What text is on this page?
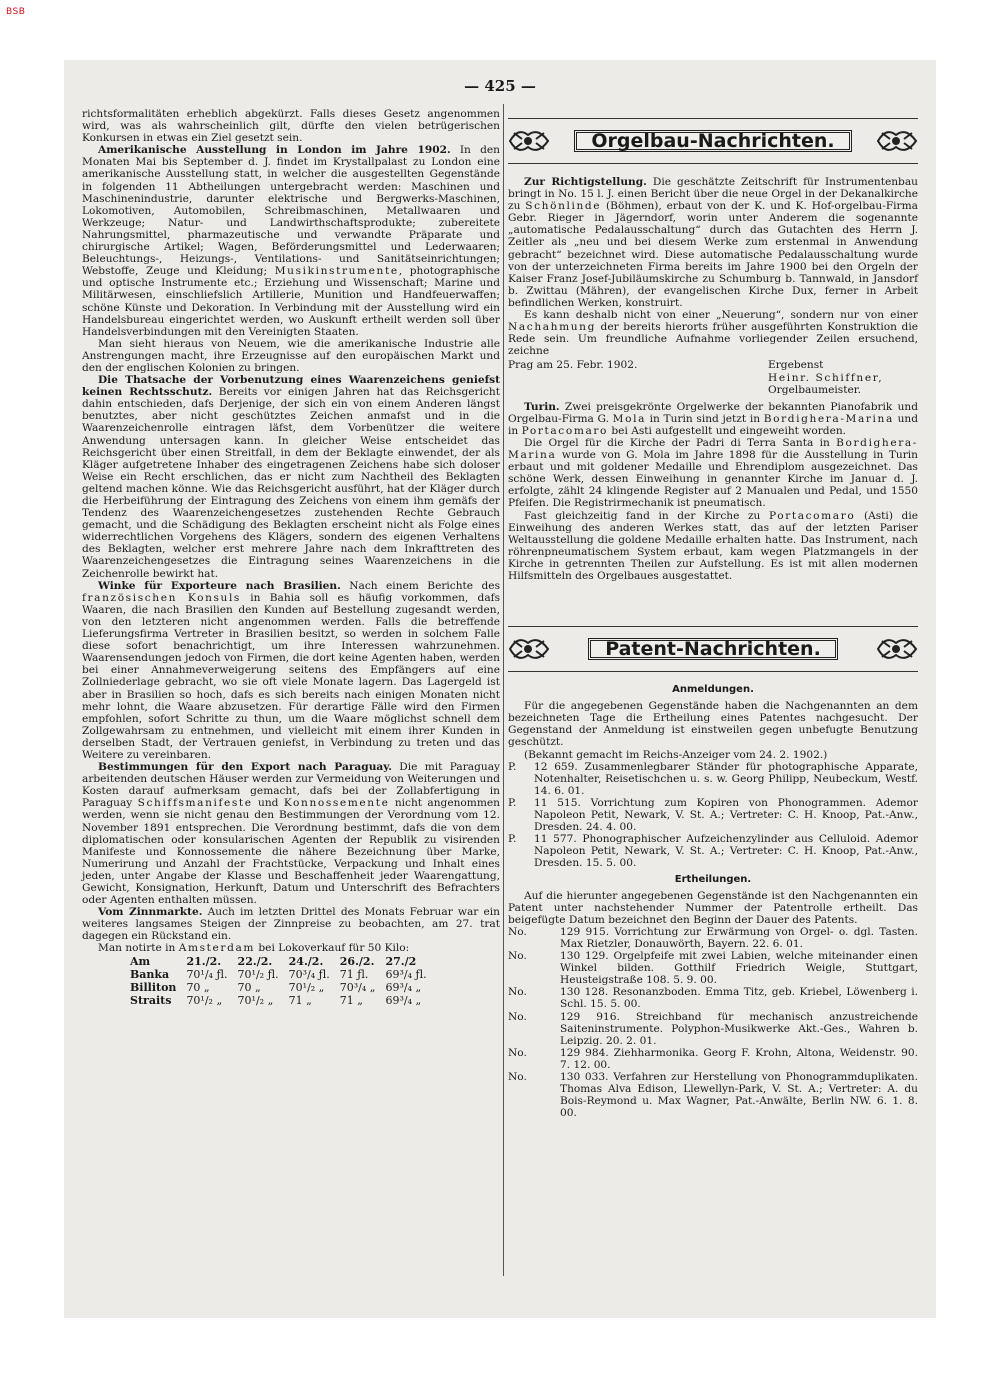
BSB
— 425 —

richtsformalitäten erheblich abgekürzt. Falls dieses Gesetz angenommen wird, was als wahrscheinlich gilt, dürfte den vielen betrügerischen Konkursen in etwas ein Ziel gesetzt sein.

Amerikanische Ausstellung in London im Jahre 1902. In den Monaten Mai bis September d. J. findet im Krystallpalast zu London eine amerikanische Ausstellung statt, in welcher die ausgestellten Gegenstände in folgenden 11 Abtheilungen untergebracht werden: Maschinen und Maschinenindustrie, darunter elektrische und Bergwerks-Maschinen, Lokomotiven, Automobilen, Schreibmaschinen, Metallwaaren und Werkzeuge; Natur- und Landwirthschaftsprodukte; zubereitete Nahrungsmittel, pharmazeutische und verwandte Präparate und chirurgische Artikel; Wagen, Beförderungsmittel und Lederwaaren; Beleuchtungs-, Heizungs-, Ventilations- und Sanitätseinrichtungen; Webstoffe, Zeuge und Kleidung; Musikinstrumente, photographische und optische Instrumente etc.; Erziehung und Wissenschaft; Marine und Militärwesen, einschliefslich Artillerie, Munition und Handfeuerwaffen; schöne Künste und Dekoration. In Verbindung mit der Ausstellung wird ein Handelsbureau eingerichtet werden, wo Auskunft ertheilt werden soll über Handelsverbindungen mit den Vereinigten Staaten.

Man sieht hieraus von Neuem, wie die amerikanische Industrie alle Anstrengungen macht, ihre Erzeugnisse auf den europäischen Markt und den der englischen Kolonien zu bringen.

Die Thatsache der Vorbenutzung eines Waarenzeichens geniefst keinen Rechtsschutz. Bereits vor einigen Jahren hat das Reichsgericht dahin entschieden, dafs Derjenige, der sich ein von einem Anderen längst benutztes, aber nicht geschütztes Zeichen anmafst und in die Waarenzeichenrolle eintragen läfst, dem Vorbenützer die weitere Anwendung untersagen kann. In gleicher Weise entscheidet das Reichsgericht über einen Streitfall, in dem der Beklagte einwendet, der als Kläger aufgetretene Inhaber des eingetragenen Zeichens habe sich doloser Weise ein Recht erschlichen, das er nicht zum Nachtheil des Beklagten geltend machen könne. Wie das Reichsgericht ausführt, hat der Kläger durch die Herbeiführung der Eintragung des Zeichens von einem ihm gemäfs der Tendenz des Waarenzeichengesetzes zustehenden Rechte Gebrauch gemacht, und die Schädigung des Beklagten erscheint nicht als Folge eines widerrechtlichen Vorgehens des Klägers, sondern des eigenen Verhaltens des Beklagten, welcher erst mehrere Jahre nach dem Inkrafttreten des Waarenzeichengesetzes die Eintragung seines Waarenzeichens in die Zeichenrolle bewirkt hat.

Winke für Exporteure nach Brasilien. Nach einem Berichte des französischen Konsuls in Bahia soll es häufig vorkommen, dafs Waaren, die nach Brasilien den Kunden auf Bestellung zugesandt werden, von den letzteren nicht angenommen werden. Falls die betreffende Lieferungsfirma Vertreter in Brasilien besitzt, so werden in solchem Falle diese sofort benachrichtigt, um ihre Interessen wahrzunehmen. Waarensendungen jedoch von Firmen, die dort keine Agenten haben, werden bei einer Annahmeverweigerung seitens des Empfängers auf eine Zollniederlage gebracht, wo sie oft viele Monate lagern. Das Lagergeld ist aber in Brasilien so hoch, dafs es sich bereits nach einigen Monaten nicht mehr lohnt, die Waare abzusetzen. Für derartige Fälle wird den Firmen empfohlen, sofort Schritte zu thun, um die Waare möglichst schnell dem Zollgewahrsam zu entnehmen, und vielleicht mit einem ihrer Kunden in derselben Stadt, der Vertrauen geniefst, in Verbindung zu treten und das Weitere zu vereinbaren.

Bestimmungen für den Export nach Paraguay. Die mit Paraguay arbeitenden deutschen Häuser werden zur Vermeidung von Weiterungen und Kosten darauf aufmerksam gemacht, dafs bei der Zollabfertigung in Paraguay Schiffsmanifeste und Konnossemente nicht angenommen werden, wenn sie nicht genau den Bestimmungen der Verordnung vom 12. November 1891 entsprechen. Die Verordnung bestimmt, dafs die von dem diplomatischen oder konsularischen Agenten der Republik zu visirenden Manifeste und Konnossemente die nähere Bezeichnung über Marke, Numerirung und Anzahl der Frachtstücke, Verpackung und Inhalt eines jeden, unter Angabe der Klasse und Beschaffenheit jeder Waarengattung, Gewicht, Konsignation, Herkunft, Datum und Unterschrift des Befrachters oder Agenten enthalten müssen.

Vom Zinnmarkte. Auch im letzten Drittel des Monats Februar war ein weiteres langsames Steigen der Zinnpreise zu beobachten, am 27. trat dagegen ein Rückstand ein.

Man notirte in Amsterdam bei Lokoverkauf für 50 Kilo:

Am	21./2.	22./2.	24./2.	26./2.	27./2
Banka	70¹/₄ ƒl.	70¹/₂ ƒl.	70³/₄ ƒl.	71 ƒl.	69³/₄ ƒl.
Billiton	70 „	70 „	70¹/₂ „	70³/₄ „	69³/₄ „
Straits	70¹/₂ „	70¹/₂ „	71 „	71 „	69³/₄ „
Orgelbau-Nachrichten.

Zur Richtigstellung. Die geschätzte Zeitschrift für Instrumentenbau bringt in No. 15 l. J. einen Bericht über die neue Orgel in der Dekanalkirche zu Schönlinde (Böhmen), erbaut von der K. und K. Hof-orgelbau-Firma Gebr. Rieger in Jägerndorf, worin unter Anderem die sogenannte „automatische Pedalausschaltung“ durch das Gutachten des Herrn J. Zeitler als „neu und bei diesem Werke zum erstenmal in Anwendung gebracht“ bezeichnet wird. Diese automatische Pedalausschaltung wurde von der unterzeichneten Firma bereits im Jahre 1900 bei den Orgeln der Kaiser Franz Josef-Jubiläumskirche zu Schumburg b. Tannwald, in Jansdorf b. Zwittau (Mähren), der evangelischen Kirche Dux, ferner in Arbeit befindlichen Werken, konstruirt.

Es kann deshalb nicht von einer „Neuerung“, sondern nur von einer Nachahmung der bereits hierorts früher ausgeführten Konstruktion die Rede sein. Um freundliche Aufnahme vorliegender Zeilen ersuchend, zeichne

Prag am 25. Febr. 1902.	Ergebenst
Heinr. Schiffner,
Orgelbaumeister.

Turin. Zwei preisgekrönte Orgelwerke der bekannten Pianofabrik und Orgelbau-Firma G. Mola in Turin sind jetzt in Bordighera-Marina und in Portacomaro bei Asti aufgestellt und eingeweiht worden.

Die Orgel für die Kirche der Padri di Terra Santa in Bordighera-Marina wurde von G. Mola im Jahre 1898 für die Ausstellung in Turin erbaut und mit goldener Medaille und Ehrendiplom ausgezeichnet. Das schöne Werk, dessen Einweihung in genannter Kirche im Januar d. J. erfolgte, zählt 24 klingende Register auf 2 Manualen und Pedal, und 1550 Pfeifen. Die Registrirmechanik ist pneumatisch.

Fast gleichzeitig fand in der Kirche zu Portacomaro (Asti) die Einweihung des anderen Werkes statt, das auf der letzten Pariser Weltausstellung die goldene Medaille erhalten hatte. Das Instrument, nach röhrenpneumatischem System erbaut, kam wegen Platzmangels in der Kirche in getrennten Theilen zur Aufstellung. Es ist mit allen modernen Hilfsmitteln des Orgelbaues ausgestattet.

Patent-Nachrichten.
Anmeldungen.

Für die angegebenen Gegenstände haben die Nachgenannten an dem bezeichneten Tage die Ertheilung eines Patentes nachgesucht. Der Gegenstand der Anmeldung ist einstweilen gegen unbefugte Benutzung geschützt.

(Bekannt gemacht im Reichs-Anzeiger vom 24. 2. 1902.)

P.	12 659. Zusammenlegbarer Ständer für photographische Apparate, Notenhalter, Reisetischchen u. s. w. Georg Philipp, Neubeckum, Westf. 14. 6. 01.
P.	11 515. Vorrichtung zum Kopiren von Phonogrammen. Ademor Napoleon Petit, Newark, V. St. A.; Vertreter: C. H. Knoop, Pat.-Anw., Dresden. 24. 4. 00.
P.	11 577. Phonographischer Aufzeichenzylinder aus Celluloid. Ademor Napoleon Petit, Newark, V. St. A.; Vertreter: C. H. Knoop, Pat.-Anw., Dresden. 15. 5. 00.
Ertheilungen.

Auf die hierunter angegebenen Gegenstände ist den Nachgenannten ein Patent unter nachstehender Nummer der Patentrolle ertheilt. Das beigefügte Datum bezeichnet den Beginn der Dauer des Patents.

No.	129 915. Vorrichtung zur Erwärmung von Orgel- o. dgl. Tasten. Max Rietzler, Donauwörth, Bayern. 22. 6. 01.
No.	130 129. Orgelpfeife mit zwei Labien, welche miteinander einen Winkel bilden. Gotthilf Friedrich Weigle, Stuttgart, Heusteigstraße 108. 5. 9. 00.
No.	130 128. Resonanzboden. Emma Titz, geb. Kriebel, Löwenberg i. Schl. 15. 5. 00.
No.	129 916. Streichband für mechanisch anzustreichende Saiteninstrumente. Polyphon-Musikwerke Akt.-Ges., Wahren b. Leipzig. 20. 2. 01.
No.	129 984. Ziehharmonika. Georg F. Krohn, Altona, Weidenstr. 90. 7. 12. 00.
No.	130 033. Verfahren zur Herstellung von Phonogrammduplikaten. Thomas Alva Edison, Llewellyn-Park, V. St. A.; Vertreter: A. du Bois-Reymond u. Max Wagner, Pat.-Anwälte, Berlin NW. 6. 1. 8. 00.
